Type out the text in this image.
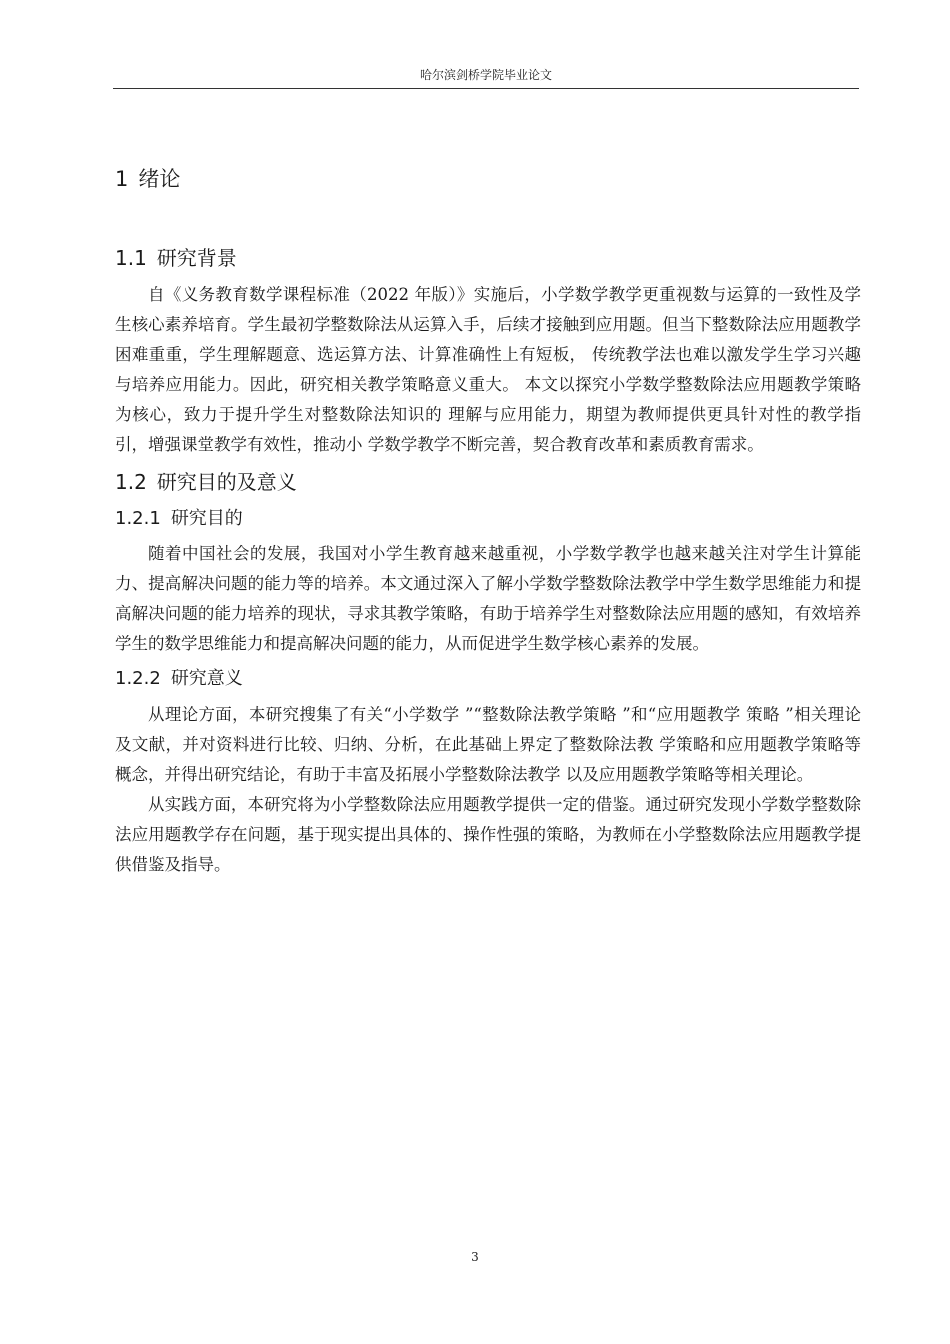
哈尔滨剑桥学院毕业论文
1 绪论
1.1 研究背景

自《义务教育数学课程标准（2022 年版）》实施后，小学数学教学更重视数与运算的一致性及学生核心素养培育。学生最初学整数除法从运算入手，后续才接触到应用题。但当下整数除法应用题教学困难重重，学生理解题意、选运算方法、计算准确性上有短板， 传统教学法也难以激发学生学习兴趣与培养应用能力。因此，研究相关教学策略意义重大。 本文以探究小学数学整数除法应用题教学策略为核心，致力于提升学生对整数除法知识的 理解与应用能力，期望为教师提供更具针对性的教学指引，增强课堂教学有效性，推动小 学数学教学不断完善，契合教育改革和素质教育需求。

1.2 研究目的及意义
1.2.1 研究目的

随着中国社会的发展，我国对小学生教育越来越重视，小学数学教学也越来越关注对学生计算能力、提高解决问题的能力等的培养。本文通过深入了解小学数学整数除法教学中学生数学思维能力和提高解决问题的能力培养的现状，寻求其教学策略，有助于培养学生对整数除法应用题的感知，有效培养学生的数学思维能力和提高解决问题的能力，从而促进学生数学核心素养的发展。

1.2.2 研究意义

从理论方面，本研究搜集了有关“小学数学 ”“整数除法教学策略 ”和“应用题教学 策略 ”相关理论及文献，并对资料进行比较、归纳、分析，在此基础上界定了整数除法教 学策略和应用题教学策略等概念，并得出研究结论，有助于丰富及拓展小学整数除法教学 以及应用题教学策略等相关理论。

从实践方面，本研究将为小学整数除法应用题教学提供一定的借鉴。通过研究发现小学数学整数除法应用题教学存在问题，基于现实提出具体的、操作性强的策略，为教师在小学整数除法应用题教学提供借鉴及指导。

3
